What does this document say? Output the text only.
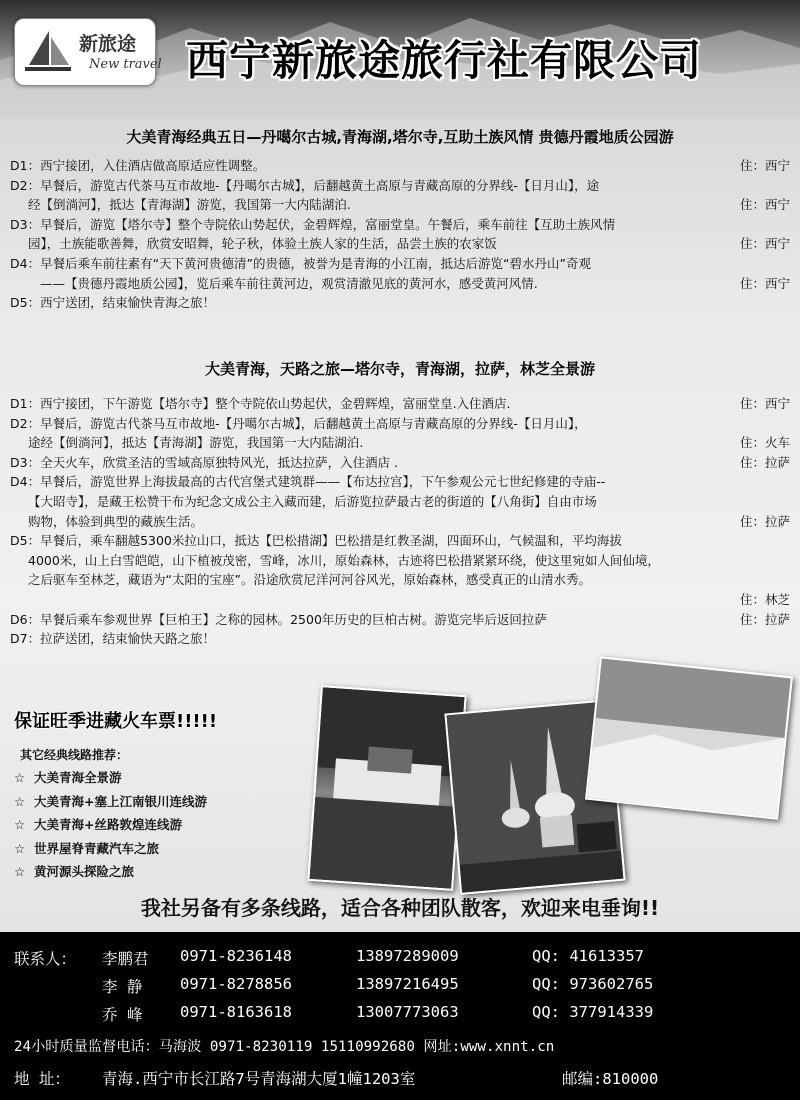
新旅途
New travel 西宁新旅途旅行社有限公司
大美青海经典五日—丹噶尔古城,青海湖,塔尔寺,互助土族风情 贵德丹霞地质公园游
D1：西宁接团，入住酒店做高原适应性调整。	住：西宁
D2：早餐后，游览古代茶马互市故地-【丹噶尔古城】，后翻越黄土高原与青藏高原的分界线-【日月山】，途
经【倒淌河】，抵达【青海湖】游览，我国第一大内陆湖泊.	住：西宁
D3：早餐后，游览【塔尔寺】整个寺院依山势起伏，金碧辉煌，富丽堂皇。午餐后，乘车前往【互助土族风情
园】，土族能歌善舞，欣赏安昭舞，轮子秋，体验土族人家的生活，品尝土族的农家饭	住：西宁
D4：早餐后乘车前往素有“天下黄河贵德清”的贵德，被誉为是青海的小江南，抵达后游览“碧水丹山”奇观
——【贵德丹霞地质公园】，览后乘车前往黄河边，观赏清澈见底的黄河水，感受黄河风情.	住：西宁
D5：西宁送团，结束愉快青海之旅！
大美青海，天路之旅—塔尔寺，青海湖，拉萨，林芝全景游
D1：西宁接团，下午游览【塔尔寺】整个寺院依山势起伏，金碧辉煌，富丽堂皇.入住酒店.	住：西宁
D2：早餐后，游览古代茶马互市故地-【丹噶尔古城】，后翻越黄土高原与青藏高原的分界线-【日月山】，
途经【倒淌河】，抵达【青海湖】游览，我国第一大内陆湖泊.	住：火车
D3：全天火车，欣赏圣洁的雪域高原独特风光，抵达拉萨，入住酒店 .	住：拉萨
D4：早餐后，游览世界上海拔最高的古代宫堡式建筑群——【布达拉宫】，下午参观公元七世纪修建的寺庙--
【大昭寺】，是藏王松赞干布为纪念文成公主入藏而建，后游览拉萨最古老的街道的【八角街】自由市场
购物，体验到典型的藏族生活。	住：拉萨
D5：早餐后，乘车翻越5300米拉山口，抵达【巴松措湖】巴松措是红教圣湖，四面环山，气候温和，平均海拔
4000米，山上白雪皑皑，山下植被茂密，雪峰，冰川，原始森林，古迹将巴松措紧紧环绕，使这里宛如人间仙境，
之后驱车至林芝，藏语为“太阳的宝座”。沿途欣赏尼洋河河谷风光，原始森林，感受真正的山清水秀。
住：林芝
D6：早餐后乘车参观世界【巨柏王】之称的园林。2500年历史的巨柏古树。游览完毕后返回拉萨	住：拉萨
D7：拉萨送团，结束愉快天路之旅！
保证旺季进藏火车票!!!!!
其它经典线路推荐：
☆ 大美青海全景游
☆ 大美青海+塞上江南银川连线游
☆ 大美青海+丝路敦煌连线游
☆ 世界屋脊青藏汽车之旅
☆ 黄河源头探险之旅
我社另备有多条线路，适合各种团队散客，欢迎来电垂询!!
联系人： 李鹏君 0971-8236148	13897289009	QQ: 41613357
李 静 0971-8278856	13897216495	QQ: 973602765
乔 峰 0971-8163618	13007773063	QQ: 377914339
24小时质量监督电话：马海波 0971-8230119 15110992680 网址:www.xnnt.cn
地 址： 青海.西宁市长江路7号青海湖大厦1幢1203室	邮编:810000
